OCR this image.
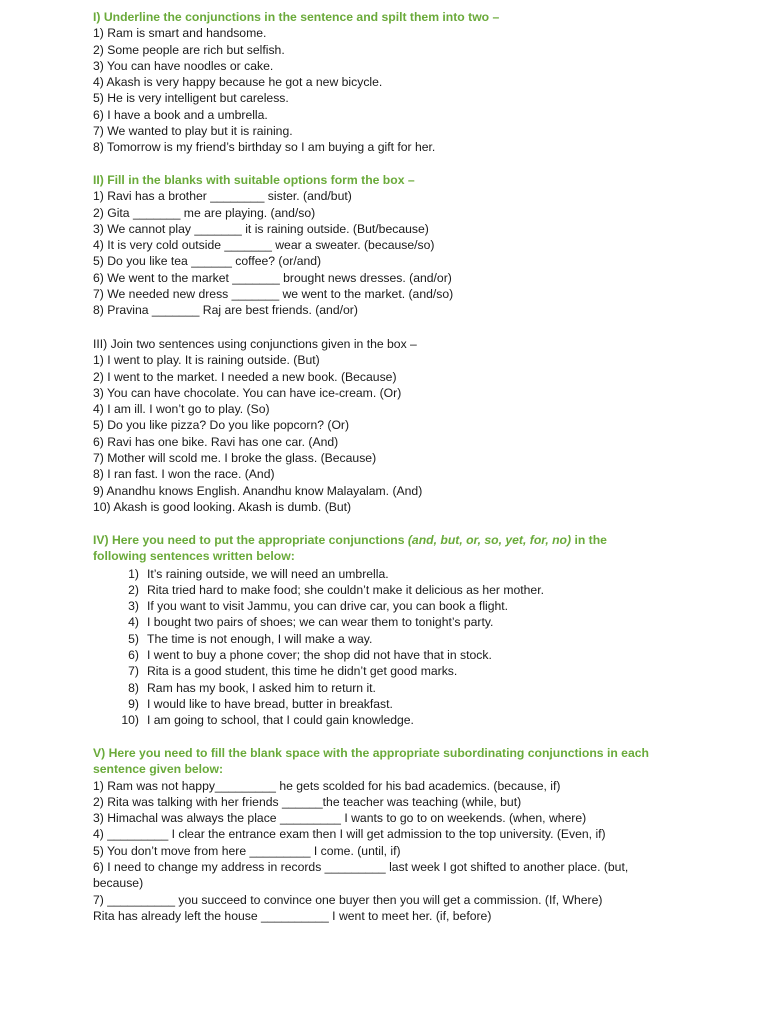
I) Underline the conjunctions in the sentence and spilt them into two –
1) Ram is smart and handsome.
2) Some people are rich but selfish.
3) You can have noodles or cake.
4) Akash is very happy because he got a new bicycle.
5) He is very intelligent but careless.
6) I have a book and a umbrella.
7) We wanted to play but it is raining.
8) Tomorrow is my friend’s birthday so I am buying a gift for her.
II) Fill in the blanks with suitable options form the box –
1) Ravi has a brother ________ sister. (and/but)
2) Gita _______ me are playing. (and/so)
3) We cannot play _______ it is raining outside. (But/because)
4) It is very cold outside _______ wear a sweater. (because/so)
5) Do you like tea ______ coffee? (or/and)
6) We went to the market _______ brought news dresses. (and/or)
7) We needed new dress _______ we went to the market. (and/so)
8) Pravina _______ Raj are best friends. (and/or)
III) Join two sentences using conjunctions given in the box –
1) I went to play. It is raining outside. (But)
2) I went to the market. I needed a new book. (Because)
3) You can have chocolate. You can have ice-cream. (Or)
4) I am ill. I won’t go to play. (So)
5) Do you like pizza? Do you like popcorn? (Or)
6) Ravi has one bike. Ravi has one car. (And)
7) Mother will scold me. I broke the glass. (Because)
8) I ran fast. I won the race. (And)
9) Anandhu knows English. Anandhu know Malayalam. (And)
10) Akash is good looking. Akash is dumb. (But)
IV) Here you need to put the appropriate conjunctions (and, but, or, so, yet, for, no) in the following sentences written below:
1) It’s raining outside, we will need an umbrella.
2) Rita tried hard to make food; she couldn’t make it delicious as her mother.
3) If you want to visit Jammu, you can drive car, you can book a flight.
4) I bought two pairs of shoes; we can wear them to tonight’s party.
5) The time is not enough, I will make a way.
6) I went to buy a phone cover; the shop did not have that in stock.
7) Rita is a good student, this time he didn’t get good marks.
8) Ram has my book, I asked him to return it.
9) I would like to have bread, butter in breakfast.
10) I am going to school, that I could gain knowledge.
V) Here you need to fill the blank space with the appropriate subordinating conjunctions in each sentence given below:
1) Ram was not happy_________ he gets scolded for his bad academics. (because, if)
2) Rita was talking with her friends ______the teacher was teaching (while, but)
3) Himachal was always the place _________ I wants to go to on weekends. (when, where)
4) _________ I clear the entrance exam then I will get admission to the top university. (Even, if)
5) You don’t move from here _________ I come. (until, if)
6) I need to change my address in records _________ last week I got shifted to another place. (but, because)
7) __________ you succeed to convince one buyer then you will get a commission. (If, Where)
Rita has already left the house __________ I went to meet her. (if, before)
